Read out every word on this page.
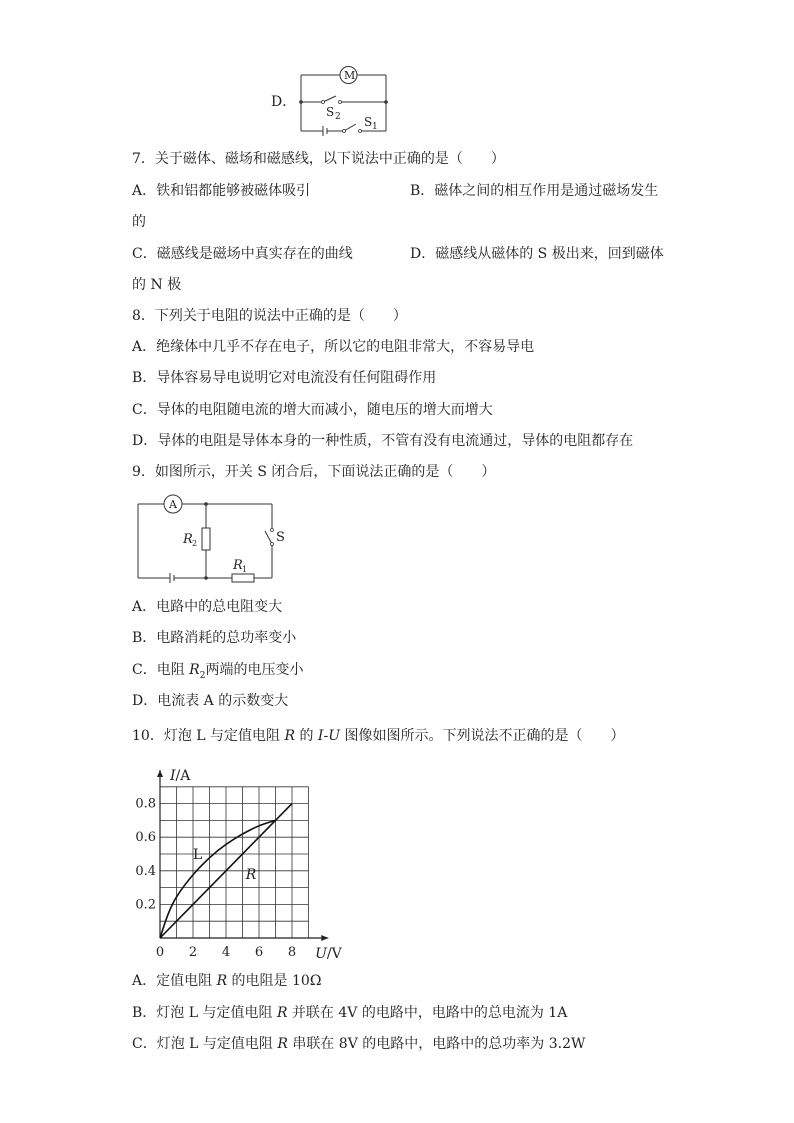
D．
M
S 2 S 1
7．关于磁体、磁场和磁感线，以下说法中正确的是（　　）
A．铁和铝都能够被磁体吸引	B．磁体之间的相互作用是通过磁场发生
的
C．磁感线是磁场中真实存在的曲线	D．磁感线从磁体的 S 极出来，回到磁体
的 N 极
8．下列关于电阻的说法中正确的是（　　）
A．绝缘体中几乎不存在电子，所以它的电阻非常大，不容易导电
B．导体容易导电说明它对电流没有任何阻碍作用
C．导体的电阻随电流的增大而减小，随电压的增大而增大
D．导体的电阻是导体本身的一种性质，不管有没有电流通过，导体的电阻都存在
9．如图所示，开关 S 闭合后，下面说法正确的是（　　）
A
R 2
R 1
S
A．电路中的总电阻变大
B．电路消耗的总功率变小
C．电阻 $R_2$两端的电压变小
D．电流表 A 的示数变大
10．灯泡 L 与定值电阻 R 的 I-U 图像如图所示。下列说法不正确的是（　　）
0 2 4 6 8
0.2
0.4
0.6
0.8
U/V
I/A
L
R
A．定值电阻 R 的电阻是 10Ω
B．灯泡 L 与定值电阻 R 并联在 4V 的电路中，电路中的总电流为 1A
C．灯泡 L 与定值电阻 R 串联在 8V 的电路中，电路中的总功率为 3.2W
